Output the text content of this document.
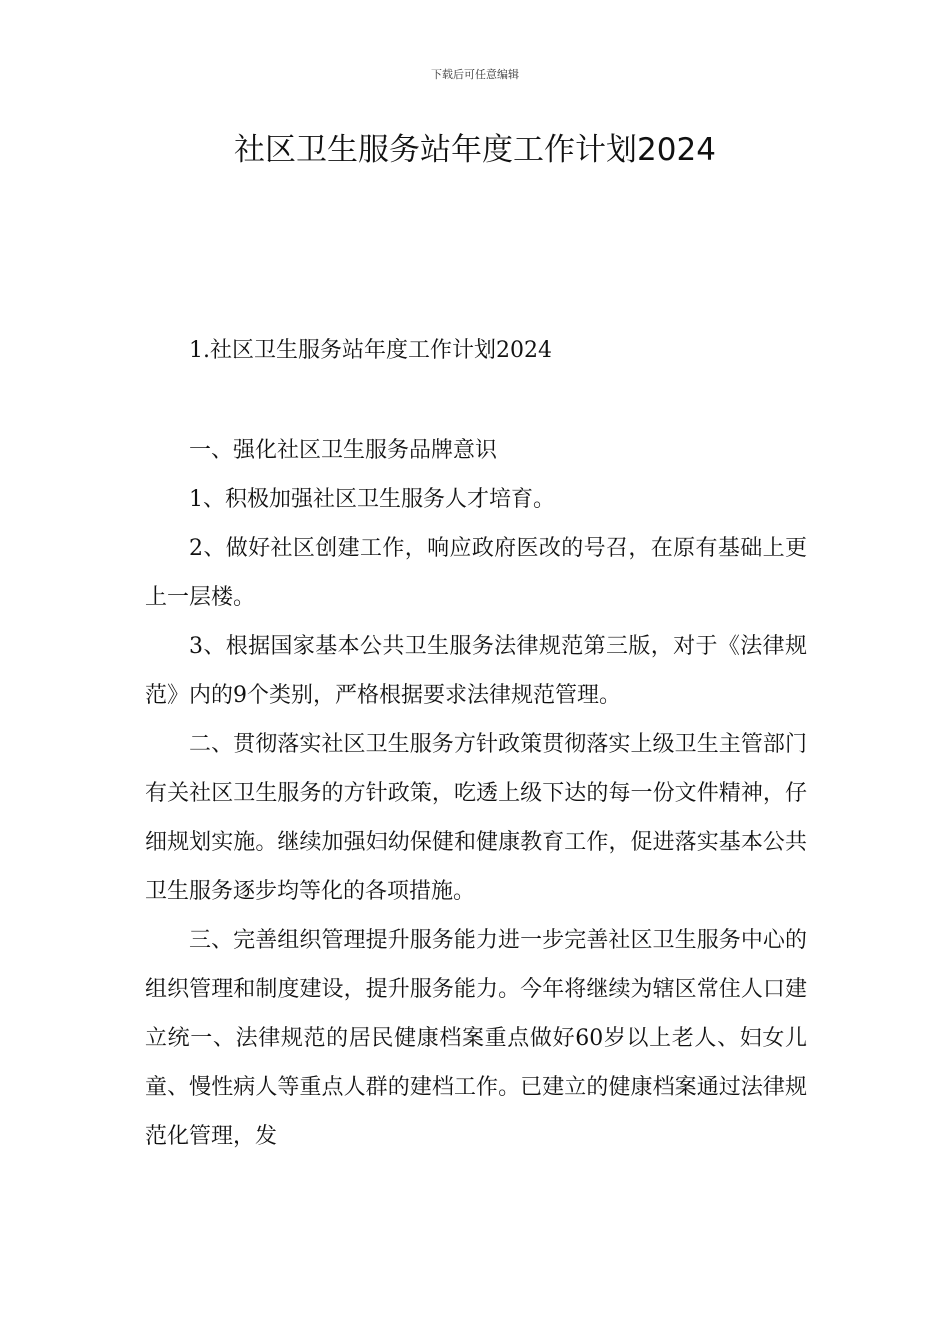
下载后可任意编辑
社区卫生服务站年度工作计划2024

1.社区卫生服务站年度工作计划2024

一、强化社区卫生服务品牌意识

1、积极加强社区卫生服务人才培育。

2、做好社区创建工作，响应政府医改的号召，在原有基础上更上一层楼。

3、根据国家基本公共卫生服务法律规范第三版，对于《法律规范》内的9个类别，严格根据要求法律规范管理。

二、贯彻落实社区卫生服务方针政策贯彻落实上级卫生主管部门有关社区卫生服务的方针政策，吃透上级下达的每一份文件精神，仔细规划实施。继续加强妇幼保健和健康教育工作，促进落实基本公共卫生服务逐步均等化的各项措施。

三、完善组织管理提升服务能力进一步完善社区卫生服务中心的组织管理和制度建设，提升服务能力。今年将继续为辖区常住人口建立统一、法律规范的居民健康档案重点做好60岁以上老人、妇女儿童、慢性病人等重点人群的建档工作。已建立的健康档案通过法律规范化管理，发
